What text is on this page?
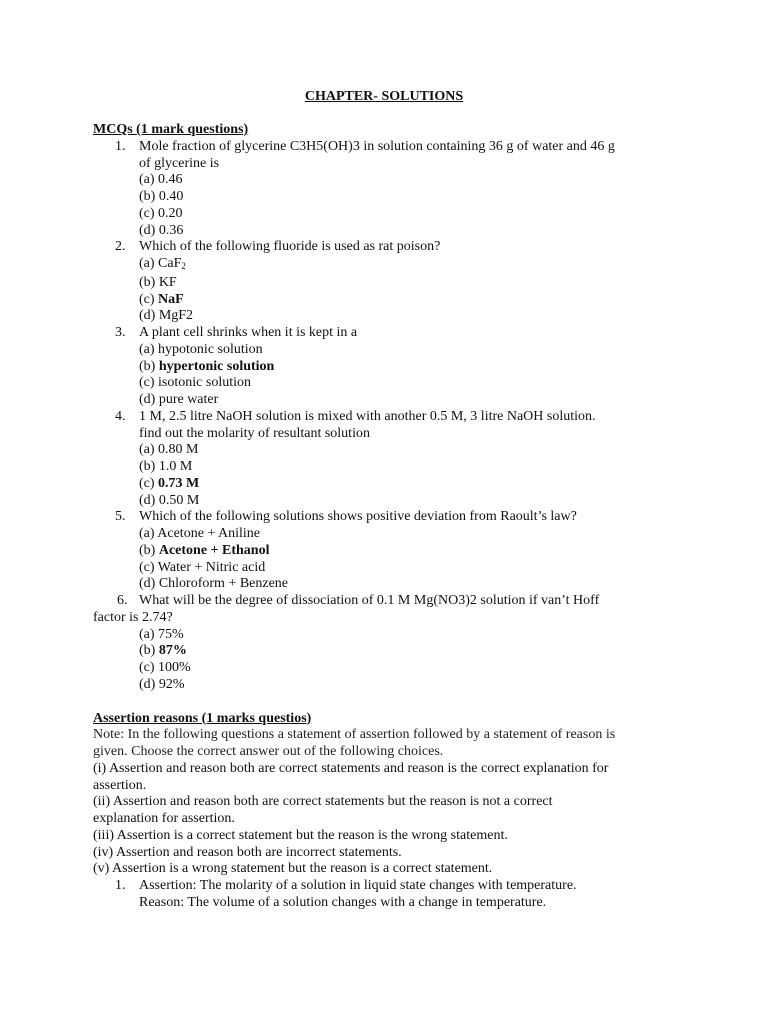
CHAPTER- SOLUTIONS
MCQs (1 mark questions)
1. Mole fraction of glycerine C3H5(OH)3 in solution containing 36 g of water and 46 g
of glycerine is
(a) 0.46
(b) 0.40
(c) 0.20
(d) 0.36
2. Which of the following fluoride is used as rat poison?
(a) CaF$_2$
(b) KF
(c) NaF
(d) MgF2
3. A plant cell shrinks when it is kept in a
(a) hypotonic solution
(b) hypertonic solution
(c) isotonic solution
(d) pure water
4. 1 M, 2.5 litre NaOH solution is mixed with another 0.5 M, 3 litre NaOH solution.
find out the molarity of resultant solution
(a) 0.80 M
(b) 1.0 M
(c) 0.73 M
(d) 0.50 M
5. Which of the following solutions shows positive deviation from Raoult’s law?
(a) Acetone + Aniline
(b) Acetone + Ethanol
(c) Water + Nitric acid
(d) Chloroform + Benzene
6. What will be the degree of dissociation of 0.1 M Mg(NO3)2 solution if van’t Hoff
factor is 2.74?
(a) 75%
(b) 87%
(c) 100%
(d) 92%
Assertion reasons (1 marks questios)
Note: In the following questions a statement of assertion followed by a statement of reason is
given. Choose the correct answer out of the following choices.
(i) Assertion and reason both are correct statements and reason is the correct explanation for
assertion.
(ii) Assertion and reason both are correct statements but the reason is not a correct
explanation for assertion.
(iii) Assertion is a correct statement but the reason is the wrong statement.
(iv) Assertion and reason both are incorrect statements.
(v) Assertion is a wrong statement but the reason is a correct statement.
1. Assertion: The molarity of a solution in liquid state changes with temperature.
Reason: The volume of a solution changes with a change in temperature.
